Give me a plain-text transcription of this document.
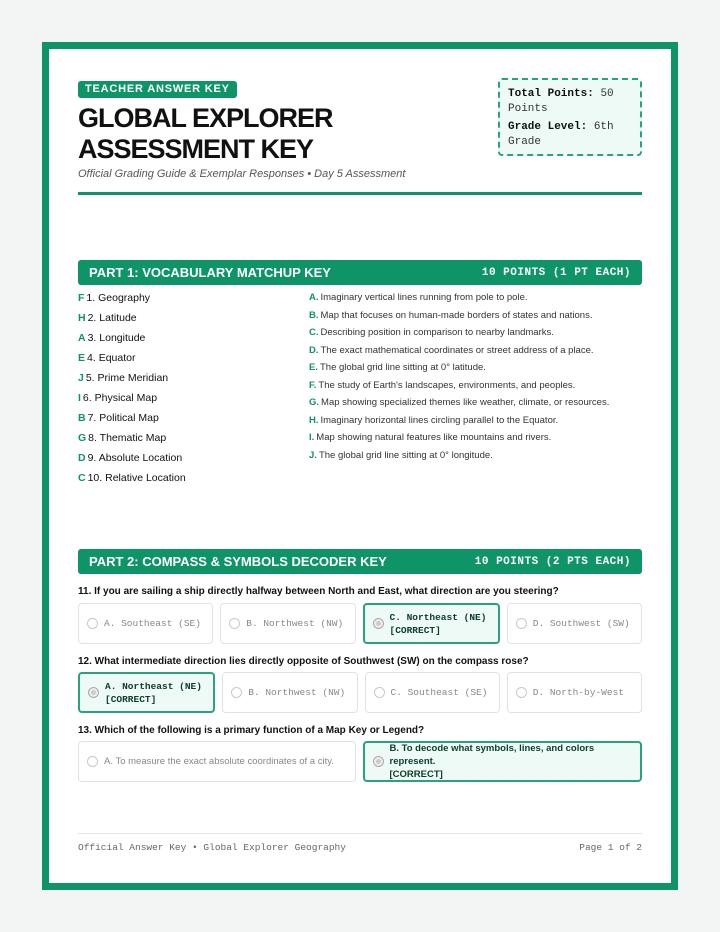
TEACHER ANSWER KEY
GLOBAL EXPLORER
ASSESSMENT KEY
Official Grading Guide & Exemplar Responses • Day 5 Assessment
Total Points: 50 Points
Grade Level: 6th Grade
PART 1: VOCABULARY MATCHUP KEY	10 POINTS (1 PT EACH)
F 1. Geography
H 2. Latitude
A 3. Longitude
E 4. Equator
J 5. Prime Meridian
I 6. Physical Map
B 7. Political Map
G 8. Thematic Map
D 9. Absolute Location
C 10. Relative Location
A. Imaginary vertical lines running from pole to pole.
B. Map that focuses on human-made borders of states and nations.
C. Describing position in comparison to nearby landmarks.
D. The exact mathematical coordinates or street address of a place.
E. The global grid line sitting at 0° latitude.
F. The study of Earth's landscapes, environments, and peoples.
G. Map showing specialized themes like weather, climate, or resources.
H. Imaginary horizontal lines circling parallel to the Equator.
I. Map showing natural features like mountains and rivers.
J. The global grid line sitting at 0° longitude.
PART 2: COMPASS & SYMBOLS DECODER KEY	10 POINTS (2 PTS EACH)
11. If you are sailing a ship directly halfway between North and East, what direction are you steering?
A. Southeast (SE)	B. Northwest (NW)
C. Northeast (NE)
[CORRECT]
D. Southwest (SW)
12. What intermediate direction lies directly opposite of Southwest (SW) on the compass rose?
A. Northeast (NE)
[CORRECT]
B. Northwest (NW)	C. Southeast (SE)	D. North-by-West
13. Which of the following is a primary function of a Map Key or Legend?
A. To measure the exact absolute coordinates of a city.
B. To decode what symbols, lines, and colors represent.
[CORRECT]
Official Answer Key • Global Explorer Geography	Page 1 of 2
